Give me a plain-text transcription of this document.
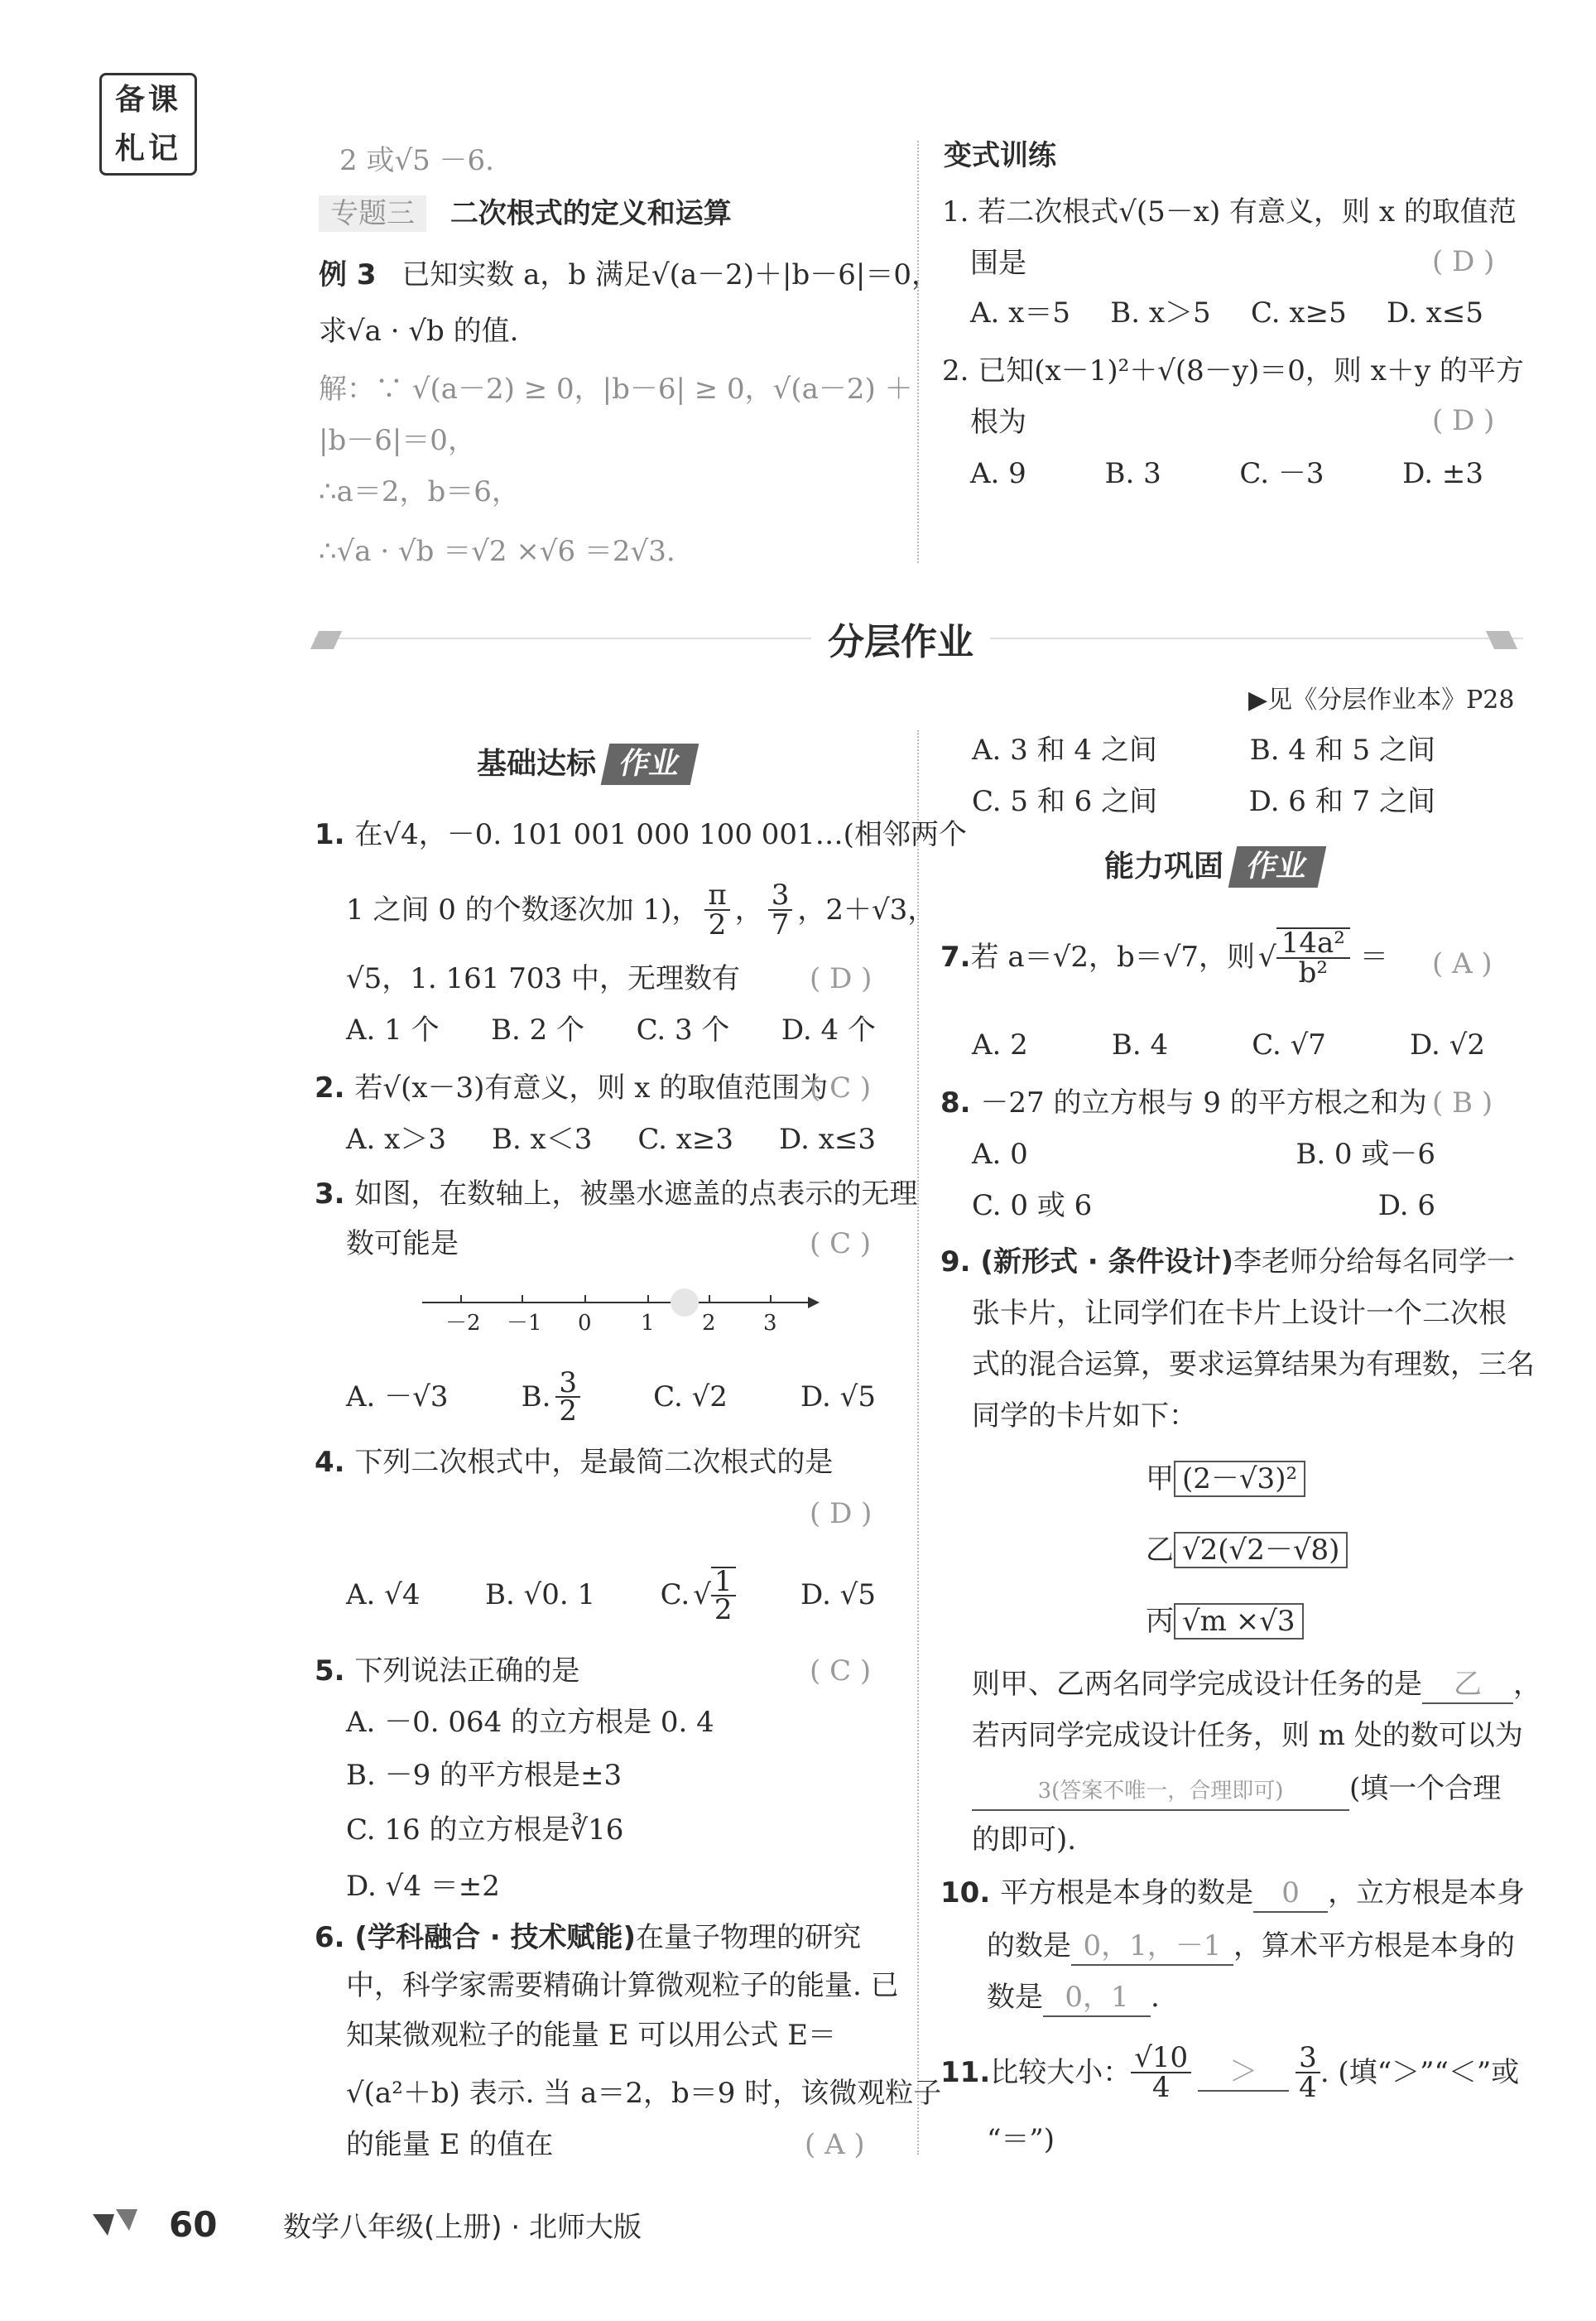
备课
札记	2 或√5 －6.
专题三 二次根式的定义和运算
例 3 已知实数 a，b 满足√(a－2)＋|b－6|＝0，
求√a · √b 的值.
解：∵ √(a－2) ≥ 0，|b－6| ≥ 0，√(a－2) ＋
|b－6|＝0，
∴a＝2，b＝6，
∴√a · √b ＝√2 ×√6 ＝2√3.
变式训练
1. 若二次根式√(5－x) 有意义，则 x 的取值范
围是	( D )
A. x＝5 B. x＞5 C. x≥5 D. x≤5
2. 已知(x－1)²＋√(8－y)＝0，则 x＋y 的平方
根为	( D )
A. 9	B. 3	C. －3	D. ±3
分层作业
▶见《分层作业本》P28
基础达标 作业
1. 在√4，－0. 101 001 000 100 001…(相邻两个
1 之间 0 的个数逐次加 1)， π
2 ， 3
7 ，2＋√3，
√5，1. 161 703 中，无理数有 ( D )
A. 1 个 B. 2 个 C. 3 个 D. 4 个
2. 若√(x－3)有意义，则 x 的取值范围为
( C )
A. x＞3 B. x＜3 C. x≥3 D. x≤3
3. 如图，在数轴上，被墨水遮盖的点表示的无理
数可能是	( C )
－2 －1 0 1 2 3
A. －√3	B. 3
2	C. √2	D. √5
4. 下列二次根式中，是最简二次根式的是
( D )
A. √4 B. √0. 1 C. √ 1
2 D. √5
5. 下列说法正确的是	( C )
A. －0. 064 的立方根是 0. 4
B. －9 的平方根是±3
C. 16 的立方根是∛16
D. √4 ＝±2
6. (学科融合 · 技术赋能)在量子物理的研究
中，科学家需要精确计算微观粒子的能量. 已
知某微观粒子的能量 E 可以用公式 E＝
√(a²＋b) 表示. 当 a＝2，b＝9 时，该微观粒子
的能量 E 的值在	( A )
A. 3 和 4 之间	B. 4 和 5 之间
C. 5 和 6 之间	D. 6 和 7 之间
能力巩固 作业
7. 若 a＝√2，b＝√7，则 √ 14a²
b² ＝ ( A )
A. 2	B. 4	C. √7	D. √2
8. －27 的立方根与 9 的平方根之和为 ( B )
A. 0	B. 0 或－6
C. 0 或 6	D. 6
9. (新形式 · 条件设计)李老师分给每名同学一
张卡片，让同学们在卡片上设计一个二次根
式的混合运算，要求运算结果为有理数，三名
同学的卡片如下：
甲 (2－√3)²
乙 √2(√2－√8)
丙 √m ×√3
则甲、乙两名同学完成设计任务的是 乙 ，
若丙同学完成设计任务，则 m 处的数可以为
3(答案不唯一，合理即可) (填一个合理
的即可).
10. 平方根是本身的数是 0 ，立方根是本身
的数是 0，1，－1 ，算术平方根是本身的
数是 0，1 .
11. 比较大小： √10
4	＞	3
4 . (填“＞”“＜”或
“＝”)
60 数学八年级(上册) · 北师大版
